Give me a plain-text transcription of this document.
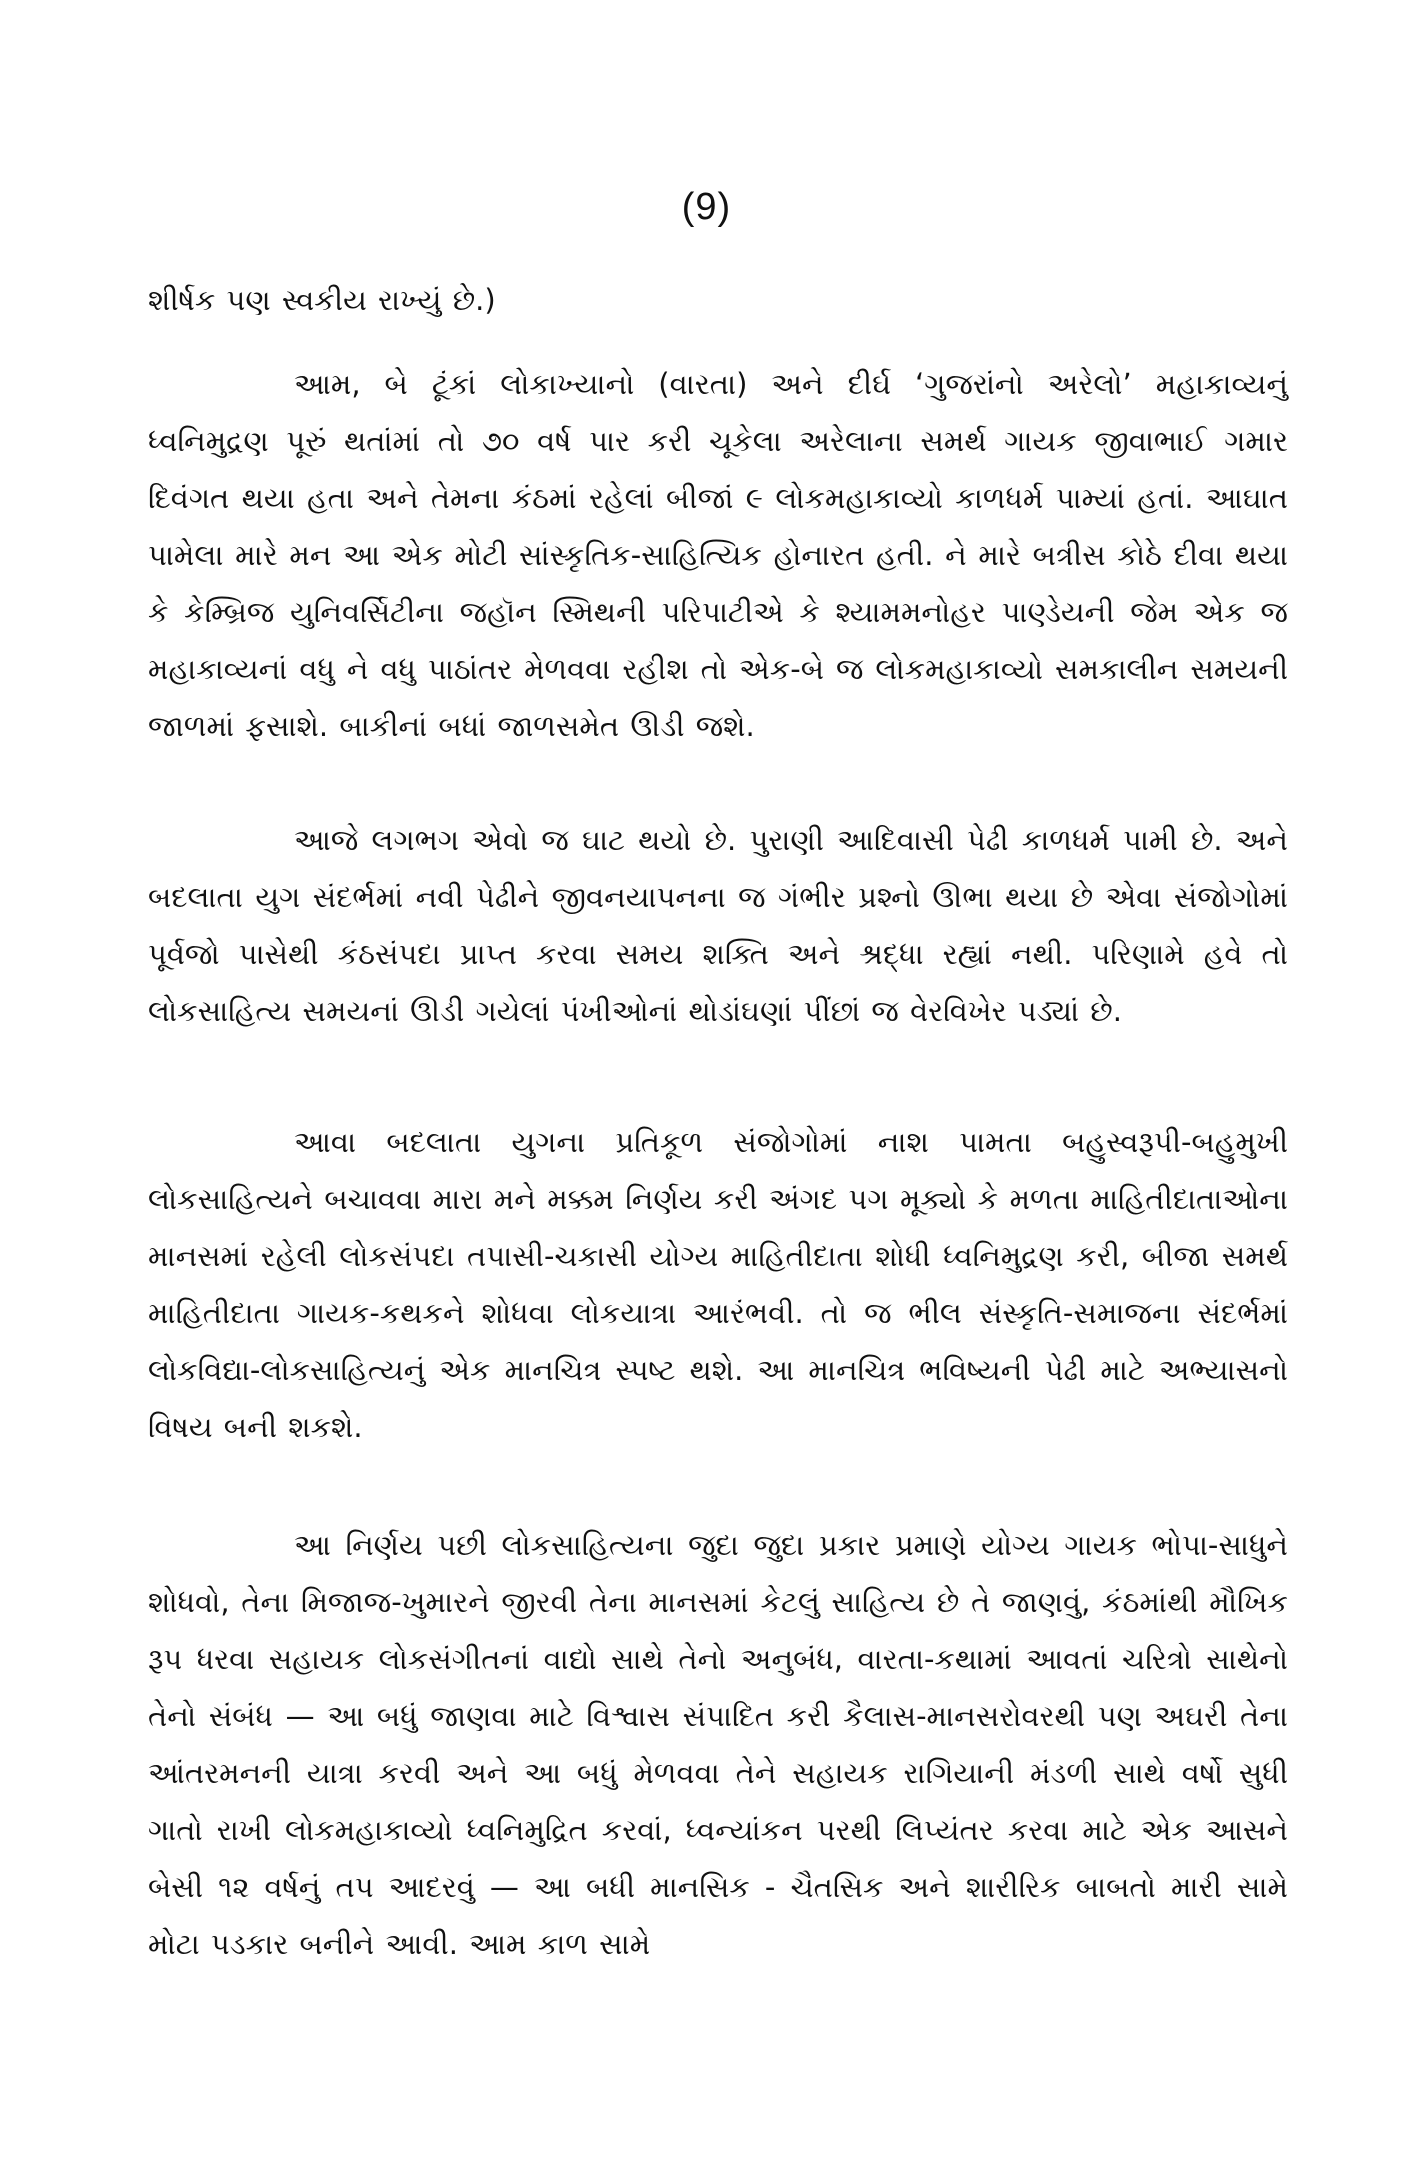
(9)
શીર્ષક પણ સ્વકીય રાખ્યું છે.)

આમ, બે ટૂંકાં લોકાખ્યાનો (વારતા) અને દીર્ઘ ‘ગુજરાંનો અરેલો’ મહાકાવ્યનું ધ્વનિમુદ્રણ પૂરું થતાંમાં તો ૭૦ વર્ષ પાર કરી ચૂકેલા અરેલાના સમર્થ ગાયક જીવાભાઈ ગમાર દિવંગત થયા હતા અને તેમના કંઠમાં રહેલાં બીજાં ૯ લોકમહાકાવ્યો કાળધર્મ પામ્યાં હતાં. આઘાત પામેલા મારે મન આ એક મોટી સાંસ્કૃતિક-સાહિત્યિક હોનારત હતી. ને મારે બત્રીસ કોઠે દીવા થયા કે કેમ્બ્રિજ યુનિવર્સિટીના જહૉન સ્મિથની પરિપાટીએ કે શ્યામમનોહર પાણ્ડેયની જેમ એક જ મહાકાવ્યનાં વધુ ને વધુ પાઠાંતર મેળવવા રહીશ તો એક-બે જ લોકમહાકાવ્યો સમકાલીન સમયની જાળમાં ફસાશે. બાકીનાં બધાં જાળસમેત ઊડી જશે.

આજે લગભગ એવો જ ઘાટ થયો છે. પુરાણી આદિવાસી પેઢી કાળધર્મ પામી છે. અને બદલાતા યુગ સંદર્ભમાં નવી પેઢીને જીવનયાપનના જ ગંભીર પ્રશ્નો ઊભા થયા છે એવા સંજોગોમાં પૂર્વજો પાસેથી કંઠસંપદા પ્રાપ્ત કરવા સમય શક્તિ અને શ્રદ્ધા રહ્યાં નથી. પરિણામે હવે તો લોકસાહિત્ય સમયનાં ઊડી ગયેલાં પંખીઓનાં થોડાંઘણાં પીંછાં જ વેરવિખેર પડ્યાં છે.

આવા બદલાતા યુગના પ્રતિકૂળ સંજોગોમાં નાશ પામતા બહુસ્વરૂપી-બહુમુખી લોકસાહિત્યને બચાવવા મારા મને મક્કમ નિર્ણય કરી અંગદ પગ મૂક્યો કે મળતા માહિતીદાતાઓના માનસમાં રહેલી લોકસંપદા તપાસી-ચકાસી યોગ્ય માહિતીદાતા શોધી ધ્વનિમુદ્રણ કરી, બીજા સમર્થ માહિતીદાતા ગાયક-કથકને શોધવા લોકયાત્રા આરંભવી. તો જ ભીલ સંસ્કૃતિ-સમાજના સંદર્ભમાં લોકવિદ્યા-લોકસાહિત્યનું એક માનચિત્ર સ્પષ્ટ થશે. આ માનચિત્ર ભવિષ્યની પેઢી માટે અભ્યાસનો વિષય બની શકશે.

આ નિર્ણય પછી લોકસાહિત્યના જુદા જુદા પ્રકાર પ્રમાણે યોગ્ય ગાયક ભોપા-સાધુને શોધવો, તેના મિજાજ-ખુમારને જીરવી તેના માનસમાં કેટલું સાહિત્ય છે તે જાણવું, કંઠમાંથી મૌખિક રૂપ ધરવા સહાયક લોકસંગીતનાં વાદ્યો સાથે તેનો અનુબંધ, વારતા-કથામાં આવતાં ચરિત્રો સાથેનો તેનો સંબંધ — આ બધું જાણવા માટે વિશ્વાસ સંપાદિત કરી કૈલાસ-માનસરોવરથી પણ અઘરી તેના આંતરમનની યાત્રા કરવી અને આ બધું મેળવવા તેને સહાયક રાગિયાની મંડળી સાથે વર્ષો સુધી ગાતો રાખી લોકમહાકાવ્યો ધ્વનિમુદ્રિત કરવાં, ધ્વન્યાંકન પરથી લિપ્યંતર કરવા માટે એક આસને બેસી ૧૨ વર્ષનું તપ આદરવું — આ બધી માનસિક - ચૈતસિક અને શારીરિક બાબતો મારી સામે મોટા પડકાર બનીને આવી. આમ કાળ સામે
